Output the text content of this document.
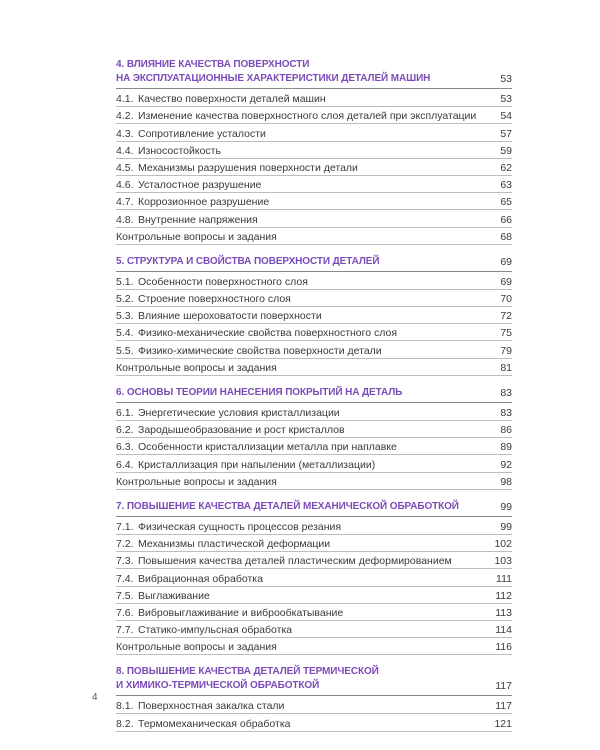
4. ВЛИЯНИЕ КАЧЕСТВА ПОВЕРХНОСТИ
НА ЭКСПЛУАТАЦИОННЫЕ ХАРАКТЕРИСТИКИ ДЕТАЛЕЙ МАШИН	53
4.1. Качество поверхности деталей машин	53
4.2. Изменение качества поверхностного слоя деталей при эксплуатации	54
4.3. Сопротивление усталости	57
4.4. Износостойкость	59
4.5. Механизмы разрушения поверхности детали	62
4.6. Усталостное разрушение	63
4.7. Коррозионное разрушение	65
4.8. Внутренние напряжения	66
Контрольные вопросы и задания	68
5. СТРУКТУРА И СВОЙСТВА ПОВЕРХНОСТИ ДЕТАЛЕЙ	69
5.1. Особенности поверхностного слоя	69
5.2. Строение поверхностного слоя	70
5.3. Влияние шероховатости поверхности	72
5.4. Физико-механические свойства поверхностного слоя	75
5.5. Физико-химические свойства поверхности детали	79
Контрольные вопросы и задания	81
6. ОСНОВЫ ТЕОРИИ НАНЕСЕНИЯ ПОКРЫТИЙ НА ДЕТАЛЬ	83
6.1. Энергетические условия кристаллизации	83
6.2. Зародышеобразование и рост кристаллов	86
6.3. Особенности кристаллизации металла при наплавке	89
6.4. Кристаллизация при напылении (металлизации)	92
Контрольные вопросы и задания	98
7. ПОВЫШЕНИЕ КАЧЕСТВА ДЕТАЛЕЙ МЕХАНИЧЕСКОЙ ОБРАБОТКОЙ	99
7.1. Физическая сущность процессов резания	99
7.2. Механизмы пластической деформации	102
7.3. Повышения качества деталей пластическим деформированием	103
7.4. Вибрационная обработка	111
7.5. Выглаживание	112
7.6. Вибровыглаживание и виброобкатывание	113
7.7. Статико-импульсная обработка	114
Контрольные вопросы и задания	116
8. ПОВЫШЕНИЕ КАЧЕСТВА ДЕТАЛЕЙ ТЕРМИЧЕСКОЙ
И ХИМИКО-ТЕРМИЧЕСКОЙ ОБРАБОТКОЙ	117
8.1. Поверхностная закалка стали	117
8.2. Термомеханическая обработка	121
4
